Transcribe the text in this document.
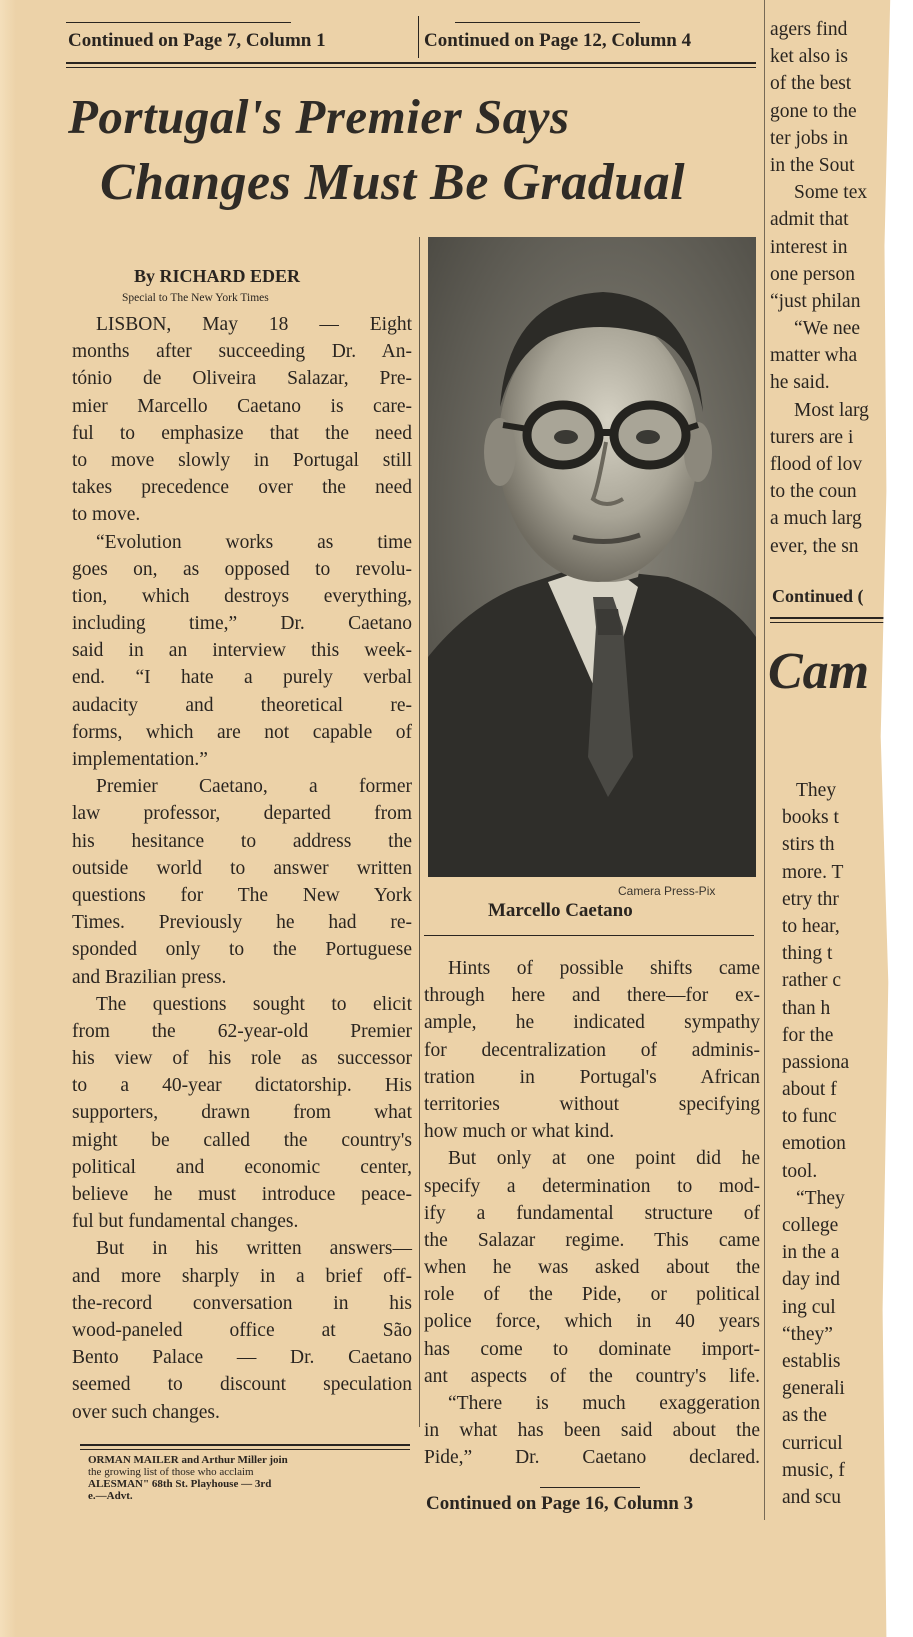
Continued on Page 7, Column 1	Continued on Page 12, Column 4
Portugal's Premier Says
Changes Must Be Gradual
By RICHARD EDER
Special to The New York Times
LISBON, May 18 — Eight
months after succeeding Dr. An-
tónio de Oliveira Salazar, Pre-
mier Marcello Caetano is care-
ful to emphasize that the need
to move slowly in Portugal still
takes precedence over the need
to move.
“Evolution works as time
goes on, as opposed to revolu-
tion, which destroys everything,
including time,” Dr. Caetano
said in an interview this week-
end. “I hate a purely verbal
audacity and theoretical re-
forms, which are not capable of
implementation.”
Premier Caetano, a former
law professor, departed from
his hesitance to address the
outside world to answer written
questions for The New York
Times. Previously he had re-
sponded only to the Portuguese
and Brazilian press.
The questions sought to elicit
from the 62-year-old Premier
his view of his role as successor
to a 40-year dictatorship. His
supporters, drawn from what
might be called the country's
political and economic center,
believe he must introduce peace-
ful but fundamental changes.
But in his written answers—
and more sharply in a brief off-
the-record conversation in his
wood-paneled office at São
Bento Palace — Dr. Caetano
seemed to discount speculation
over such changes.
ORMAN MAILER and Arthur Miller join
the growing list of those who acclaim
ALESMAN" 68th St. Playhouse — 3rd
e.—Advt.
Camera Press-Pix
Marcello Caetano
Hints of possible shifts came
through here and there—for ex-
ample, he indicated sympathy
for decentralization of adminis-
tration in Portugal's African
territories without specifying
how much or what kind.
But only at one point did he
specify a determination to mod-
ify a fundamental structure of
the Salazar regime. This came
when he was asked about the
role of the Pide, or political
police force, which in 40 years
has come to dominate import-
ant aspects of the country's life.
“There is much exaggeration
in what has been said about the
Pide,” Dr. Caetano declared.
Continued on Page 16, Column 3
agers find
ket also is
of the best
gone to the
ter jobs in
in the Sout
Some tex
admit that
interest in
one person
“just philan
“We nee
matter wha
he said.
Most larg
turers are i
flood of lov
to the coun
a much larg
ever, the sn
Continued (
Cam
They
books t
stirs th
more. T
etry thr
to hear,
thing t
rather c
than h
for the
passiona
about f
to func
emotion
tool.
“They
college
in the a
day ind
ing cul
“they”
establis
generali
as the
curricul
music, f
and scu
